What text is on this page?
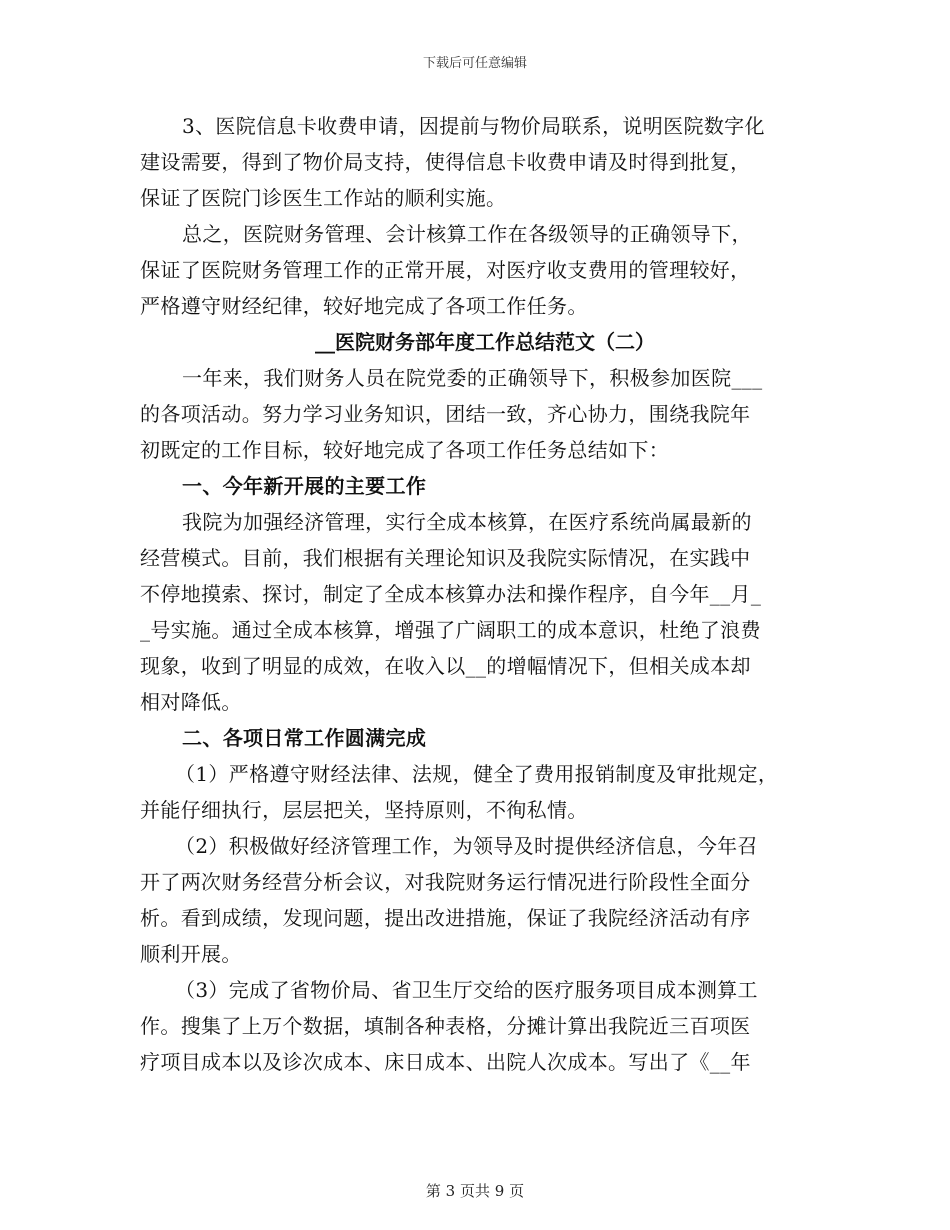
下载后可任意编辑
3、医院信息卡收费申请，因提前与物价局联系，说明医院数字化
建设需要，得到了物价局支持，使得信息卡收费申请及时得到批复，
保证了医院门诊医生工作站的顺利实施。
总之，医院财务管理、会计核算工作在各级领导的正确领导下，
保证了医院财务管理工作的正常开展，对医疗收支费用的管理较好，
严格遵守财经纪律，较好地完成了各项工作任务。
__医院财务部年度工作总结范文（二）
一年来，我们财务人员在院党委的正确领导下，积极参加医院___
的各项活动。努力学习业务知识，团结一致，齐心协力，围绕我院年
初既定的工作目标，较好地完成了各项工作任务总结如下：
一、今年新开展的主要工作
我院为加强经济管理，实行全成本核算，在医疗系统尚属最新的
经营模式。目前，我们根据有关理论知识及我院实际情况，在实践中
不停地摸索、探讨，制定了全成本核算办法和操作程序，自今年__月_
_号实施。通过全成本核算，增强了广阔职工的成本意识，杜绝了浪费
现象，收到了明显的成效，在收入以__的增幅情况下，但相关成本却
相对降低。
二、各项日常工作圆满完成
（1）严格遵守财经法律、法规，健全了费用报销制度及审批规定，
并能仔细执行，层层把关，坚持原则，不徇私情。
（2）积极做好经济管理工作，为领导及时提供经济信息，今年召
开了两次财务经营分析会议，对我院财务运行情况进行阶段性全面分
析。看到成绩，发现问题，提出改进措施，保证了我院经济活动有序
顺利开展。
（3）完成了省物价局、省卫生厅交给的医疗服务项目成本测算工
作。搜集了上万个数据，填制各种表格，分摊计算出我院近三百项医
疗项目成本以及诊次成本、床日成本、出院人次成本。写出了《__年
第 3 页共 9 页
